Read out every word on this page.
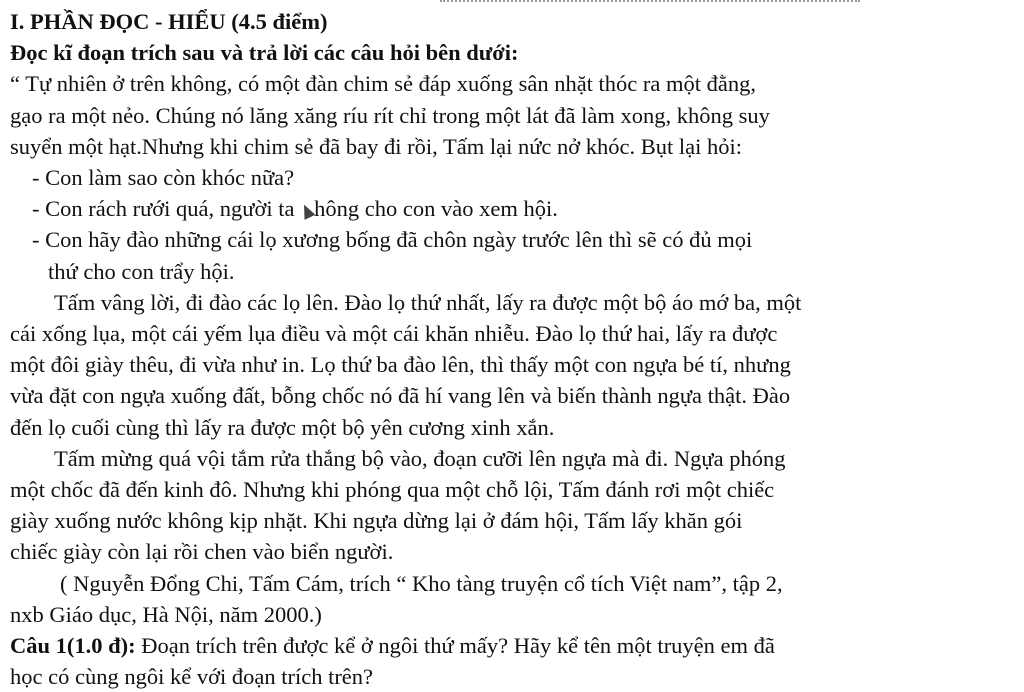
I. PHẦN ĐỌC - HIỂU (4.5 điểm)
Đọc kĩ đoạn trích sau và trả lời các câu hỏi bên dưới:
“ Tự nhiên ở trên không, có một đàn chim sẻ đáp xuống sân nhặt thóc ra một đằng,
gạo ra một nẻo. Chúng nó lăng xăng ríu rít chỉ trong một lát đã làm xong, không suy
suyển một hạt.Nhưng khi chim sẻ đã bay đi rồi, Tấm lại nức nở khóc. Bụt lại hỏi:
- Con làm sao còn khóc nữa?
- Con rách rưới quá, người ta hông cho con vào xem hội.
- Con hãy đào những cái lọ xương bống đã chôn ngày trước lên thì sẽ có đủ mọi
thứ cho con trẩy hội.
Tấm vâng lời, đi đào các lọ lên. Đào lọ thứ nhất, lấy ra được một bộ áo mớ ba, một
cái xống lụa, một cái yếm lụa điều và một cái khăn nhiễu. Đào lọ thứ hai, lấy ra được
một đôi giày thêu, đi vừa như in. Lọ thứ ba đào lên, thì thấy một con ngựa bé tí, nhưng
vừa đặt con ngựa xuống đất, bỗng chốc nó đã hí vang lên và biến thành ngựa thật. Đào
đến lọ cuối cùng thì lấy ra được một bộ yên cương xinh xắn.
Tấm mừng quá vội tắm rửa thắng bộ vào, đoạn cưỡi lên ngựa mà đi. Ngựa phóng
một chốc đã đến kinh đô. Nhưng khi phóng qua một chỗ lội, Tấm đánh rơi một chiếc
giày xuống nước không kịp nhặt. Khi ngựa dừng lại ở đám hội, Tấm lấy khăn gói
chiếc giày còn lại rồi chen vào biển người.
( Nguyễn Đổng Chi, Tấm Cám, trích “ Kho tàng truyện cổ tích Việt nam”, tập 2,
nxb Giáo dục, Hà Nội, năm 2000.)
Câu 1(1.0 đ): Đoạn trích trên được kể ở ngôi thứ mấy? Hãy kể tên một truyện em đã
học có cùng ngôi kể với đoạn trích trên?
